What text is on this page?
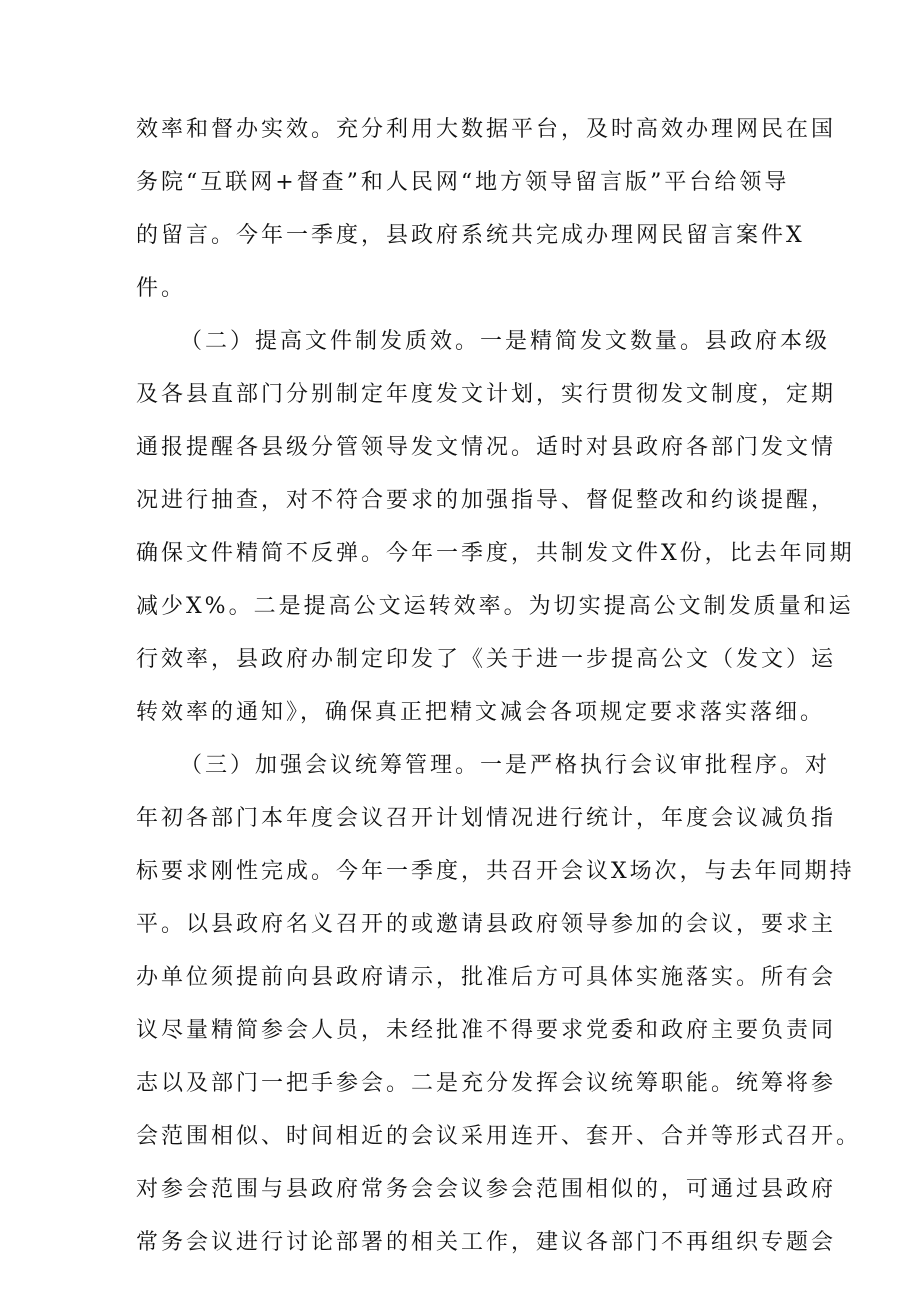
效率和督办实效。充分利用大数据平台，及时高效办理网民在国
务院“互联网+督查”和人民网“地方领导留言版”平台给领导
的留言。今年一季度，县政府系统共完成办理网民留言案件X
件。
（二）提高文件制发质效。一是精简发文数量。县政府本级
及各县直部门分别制定年度发文计划，实行贯彻发文制度，定期
通报提醒各县级分管领导发文情况。适时对县政府各部门发文情
况进行抽查，对不符合要求的加强指导、督促整改和约谈提醒，
确保文件精简不反弹。今年一季度，共制发文件X份，比去年同期
减少X%。二是提高公文运转效率。为切实提高公文制发质量和运
行效率，县政府办制定印发了《关于进一步提高公文（发文）运
转效率的通知》，确保真正把精文减会各项规定要求落实落细。
（三）加强会议统筹管理。一是严格执行会议审批程序。对
年初各部门本年度会议召开计划情况进行统计，年度会议减负指
标要求刚性完成。今年一季度，共召开会议X场次，与去年同期持
平。以县政府名义召开的或邀请县政府领导参加的会议，要求主
办单位须提前向县政府请示，批准后方可具体实施落实。所有会
议尽量精简参会人员，未经批准不得要求党委和政府主要负责同
志以及部门一把手参会。二是充分发挥会议统筹职能。统筹将参
会范围相似、时间相近的会议采用连开、套开、合并等形式召开。
对参会范围与县政府常务会会议参会范围相似的，可通过县政府
常务会议进行讨论部署的相关工作，建议各部门不再组织专题会
